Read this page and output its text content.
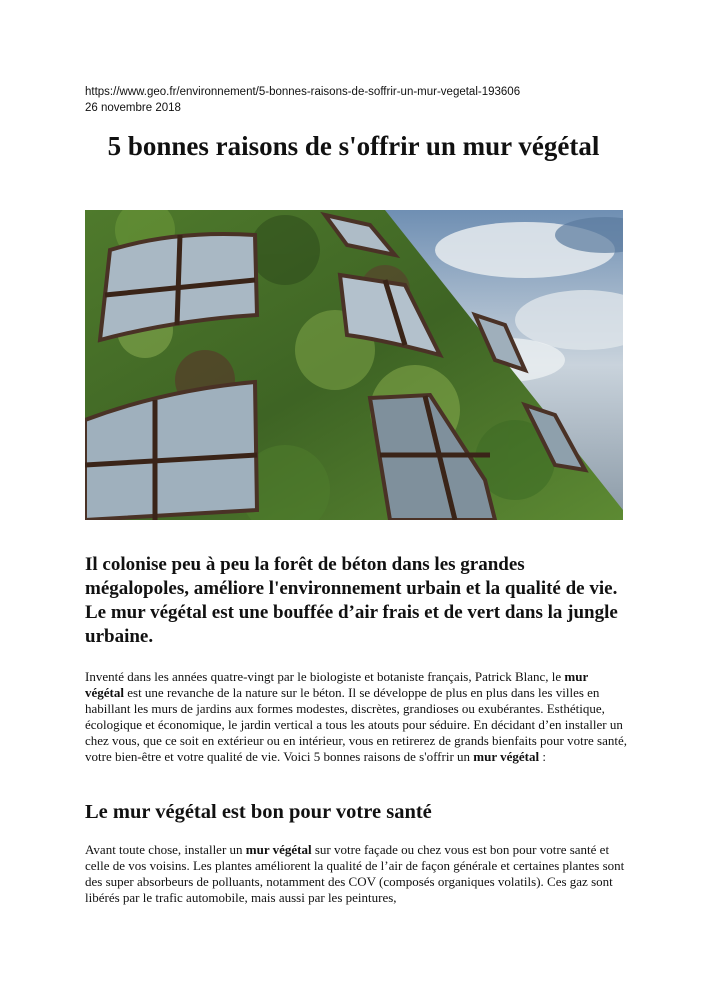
https://www.geo.fr/environnement/5-bonnes-raisons-de-soffrir-un-mur-vegetal-193606
26 novembre 2018
5 bonnes raisons de s'offrir un mur végétal

Il colonise peu à peu la forêt de béton dans les grandes mégalopoles, améliore l'environnement urbain et la qualité de vie. Le mur végétal est une bouffée d’air frais et de vert dans la jungle urbaine.

Inventé dans les années quatre-vingt par le biologiste et botaniste français, Patrick Blanc, le mur végétal est une revanche de la nature sur le béton. Il se développe de plus en plus dans les villes en habillant les murs de jardins aux formes modestes, discrètes, grandioses ou exubérantes. Esthétique, écologique et économique, le jardin vertical a tous les atouts pour séduire. En décidant d’en installer un chez vous, que ce soit en extérieur ou en intérieur, vous en retirerez de grands bienfaits pour votre santé, votre bien-être et votre qualité de vie. Voici 5 bonnes raisons de s'offrir un mur végétal :

Le mur végétal est bon pour votre santé

Avant toute chose, installer un mur végétal sur votre façade ou chez vous est bon pour votre santé et celle de vos voisins. Les plantes améliorent la qualité de l’air de façon générale et certaines plantes sont des super absorbeurs de polluants, notamment des COV (composés organiques volatils). Ces gaz sont libérés par le trafic automobile, mais aussi par les peintures,
